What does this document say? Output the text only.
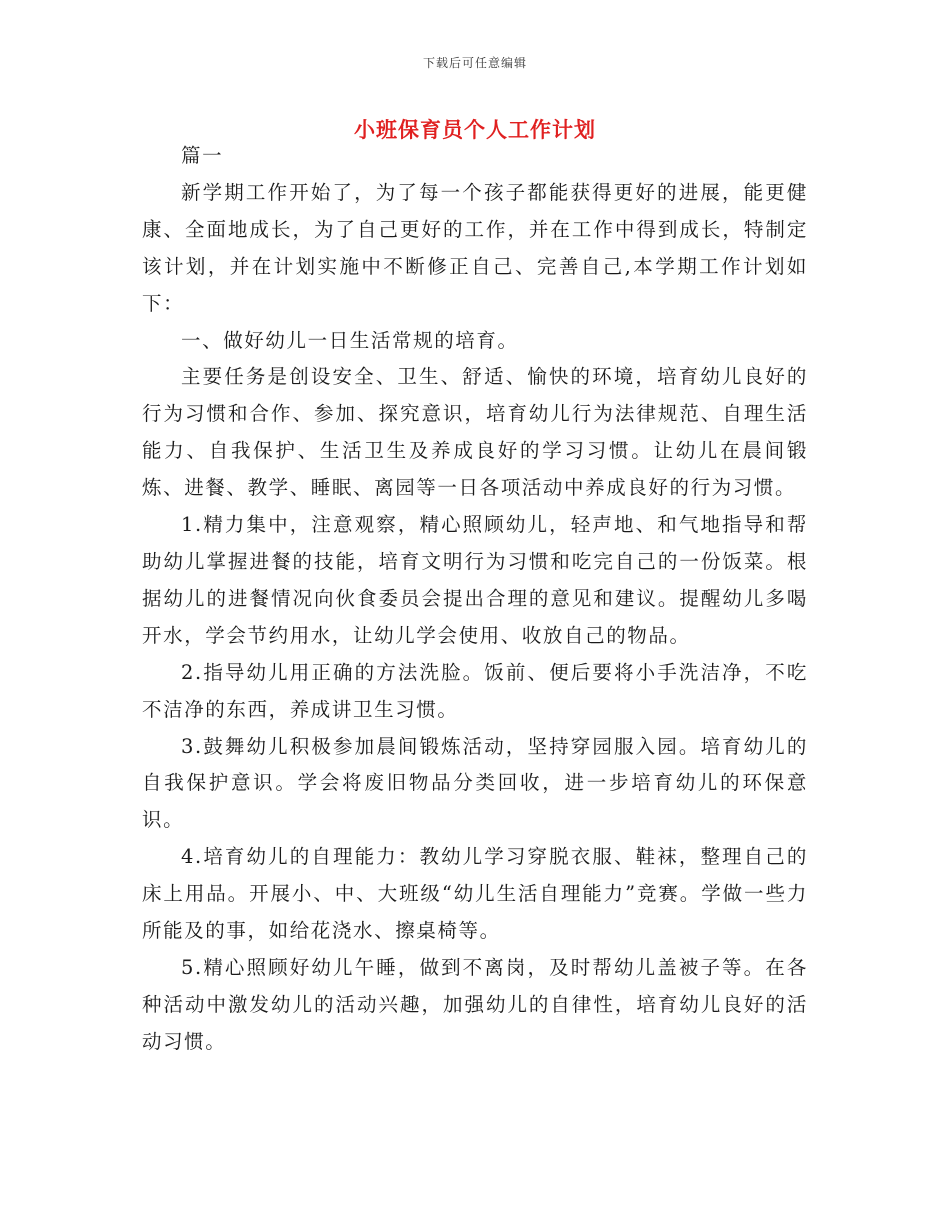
下载后可任意编辑
小班保育员个人工作计划

篇一

新学期工作开始了，为了每一个孩子都能获得更好的进展，能更健康、全面地成长，为了自己更好的工作，并在工作中得到成长，特制定该计划，并在计划实施中不断修正自己、完善自己,本学期工作计划如下：

一、做好幼儿一日生活常规的培育。

主要任务是创设安全、卫生、舒适、愉快的环境，培育幼儿良好的行为习惯和合作、参加、探究意识，培育幼儿行为法律规范、自理生活能力、自我保护、生活卫生及养成良好的学习习惯。让幼儿在晨间锻炼、进餐、教学、睡眠、离园等一日各项活动中养成良好的行为习惯。

1.精力集中，注意观察，精心照顾幼儿，轻声地、和气地指导和帮助幼儿掌握进餐的技能，培育文明行为习惯和吃完自己的一份饭菜。根据幼儿的进餐情况向伙食委员会提出合理的意见和建议。提醒幼儿多喝开水，学会节约用水，让幼儿学会使用、收放自己的物品。

2.指导幼儿用正确的方法洗脸。饭前、便后要将小手洗洁净，不吃不洁净的东西，养成讲卫生习惯。

3.鼓舞幼儿积极参加晨间锻炼活动，坚持穿园服入园。培育幼儿的自我保护意识。学会将废旧物品分类回收，进一步培育幼儿的环保意识。

4.培育幼儿的自理能力：教幼儿学习穿脱衣服、鞋袜，整理自己的床上用品。开展小、中、大班级“幼儿生活自理能力”竞赛。学做一些力所能及的事，如给花浇水、擦桌椅等。

5.精心照顾好幼儿午睡，做到不离岗，及时帮幼儿盖被子等。在各种活动中激发幼儿的活动兴趣，加强幼儿的自律性，培育幼儿良好的活动习惯。
